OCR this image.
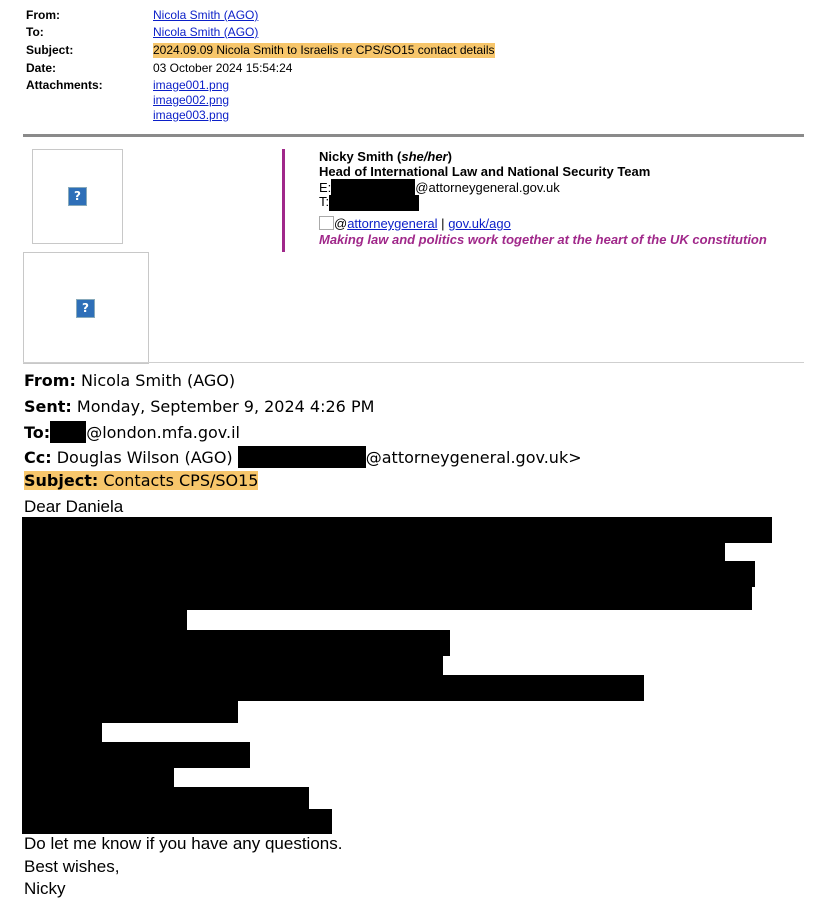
From:	Nicola Smith (AGO)
To:	Nicola Smith (AGO)
Subject:	2024.09.09 Nicola Smith to Israelis re CPS/SO15 contact details
Date:	03 October 2024 15:54:24
Attachments:	image001.png
image002.png
image003.png
?
?
Nicky Smith (she/her)
Head of International Law and National Security Team
E:	@attorneygeneral.gov.uk
T:
@attorneygeneral | gov.uk/ago
Making law and politics work together at the heart of the UK constitution
From: Nicola Smith (AGO)
Sent: Monday, September 9, 2024 4:26 PM
To: @london.mfa.gov.il
Cc: Douglas Wilson (AGO)	@attorneygeneral.gov.uk>
Subject: Contacts CPS/SO15
Dear Daniela
Do let me know if you have any questions.
Best wishes,
Nicky
